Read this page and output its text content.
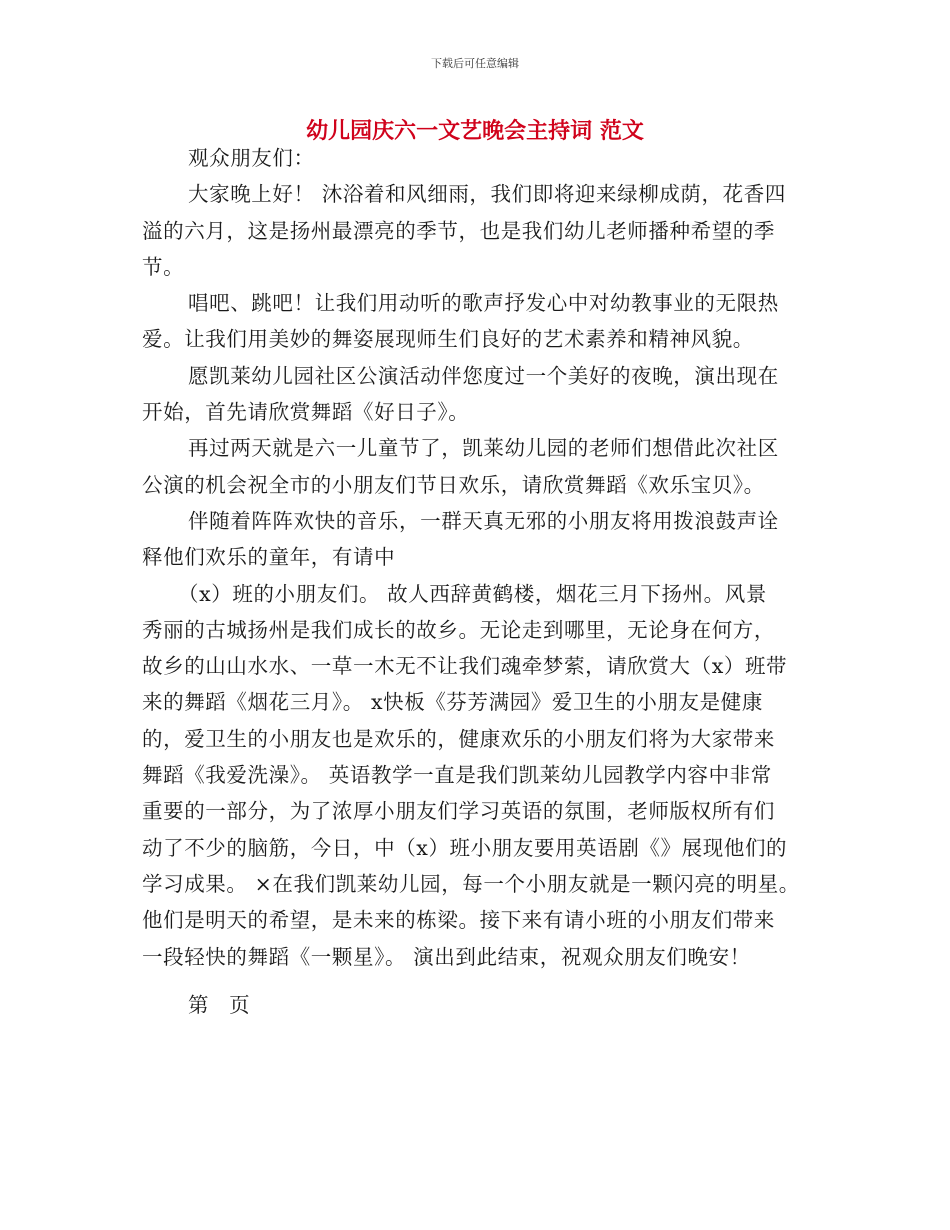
下载后可任意编辑
幼儿园庆六一文艺晚会主持词 范文
观众朋友们：
大家晚上好！ 沐浴着和风细雨，我们即将迎来绿柳成荫，花香四
溢的六月，这是扬州最漂亮的季节，也是我们幼儿老师播种希望的季
节。
唱吧、跳吧！让我们用动听的歌声抒发心中对幼教事业的无限热
爱。让我们用美妙的舞姿展现师生们良好的艺术素养和精神风貌。
愿凯莱幼儿园社区公演活动伴您度过一个美好的夜晚，演出现在
开始，首先请欣赏舞蹈《好日子》。
再过两天就是六一儿童节了，凯莱幼儿园的老师们想借此次社区
公演的机会祝全市的小朋友们节日欢乐，请欣赏舞蹈《欢乐宝贝》。
伴随着阵阵欢快的音乐，一群天真无邪的小朋友将用拨浪鼓声诠
释他们欢乐的童年，有请中
（x）班的小朋友们。 故人西辞黄鹤楼，烟花三月下扬州。风景
秀丽的古城扬州是我们成长的故乡。无论走到哪里，无论身在何方，
故乡的山山水水、一草一木无不让我们魂牵梦萦，请欣赏大（x）班带
来的舞蹈《烟花三月》。 x快板《芬芳满园》爱卫生的小朋友是健康
的，爱卫生的小朋友也是欢乐的，健康欢乐的小朋友们将为大家带来
舞蹈《我爱洗澡》。 英语教学一直是我们凯莱幼儿园教学内容中非常
重要的一部分，为了浓厚小朋友们学习英语的氛围，老师版权所有们
动了不少的脑筋，今日，中（x）班小朋友要用英语剧《》展现他们的
学习成果。 ×在我们凯莱幼儿园，每一个小朋友就是一颗闪亮的明星。
他们是明天的希望，是未来的栋梁。接下来有请小班的小朋友们带来
一段轻快的舞蹈《一颗星》。 演出到此结束，祝观众朋友们晚安！
第 页
